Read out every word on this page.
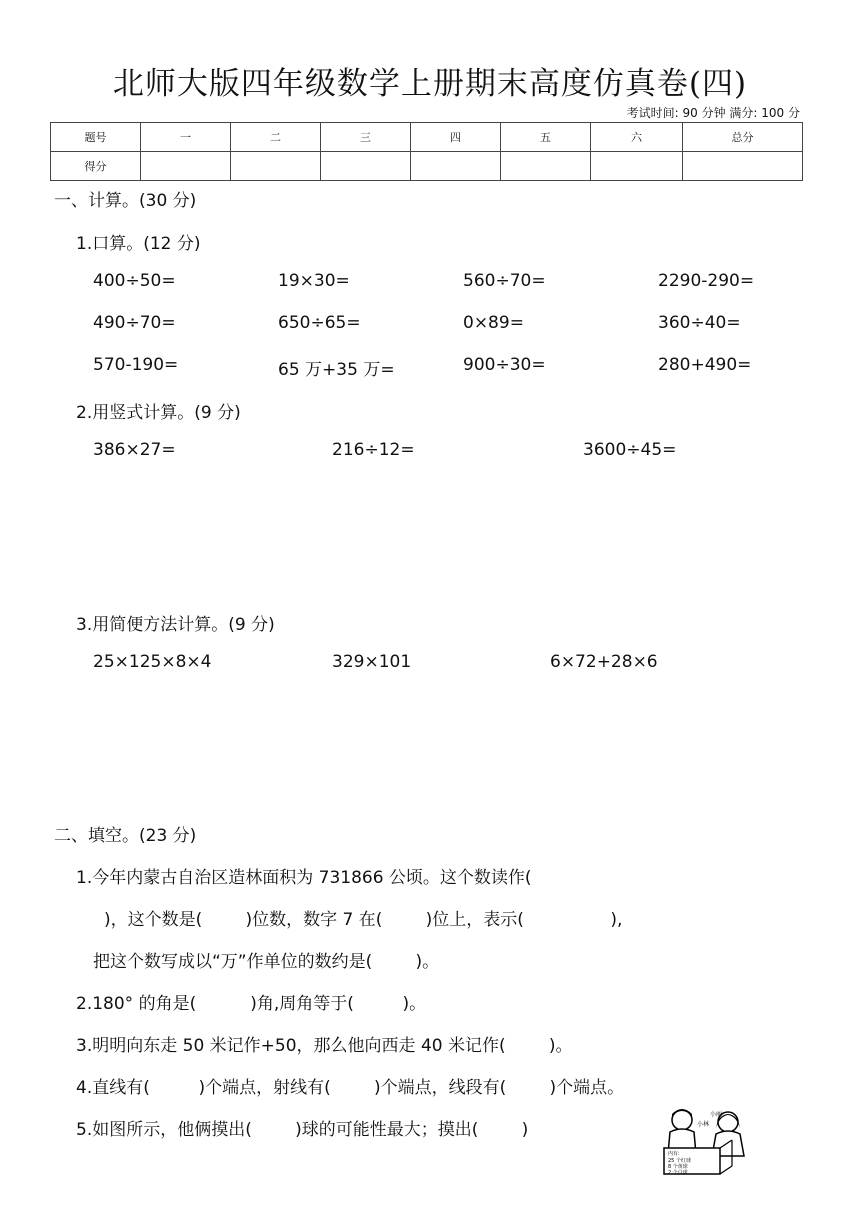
北师大版四年级数学上册期末高度仿真卷(四)
考试时间: 90 分钟 满分: 100 分
题号	一	二	三	四	五	六	总分
得分							
一、计算。(30 分)
1.口算。(12 分)
400÷50=	19×30=	560÷70=	2290-290=
490÷70=	650÷65=	0×89=	360÷40=
570-190=	65 万+35 万=	900÷30=	280+490=
2.用竖式计算。(9 分)
386×27=	216÷12=	3600÷45=
3.用简便方法计算。(9 分)
25×125×8×4	329×101	6×72+28×6
二、填空。(23 分)
1.今年内蒙古自治区造林面积为 731866 公顷。这个数读作(
)，这个数是(        )位数，数字 7 在(        )位上，表示(                ),
把这个数写成以“万”作单位的数约是(        )。
2.180° 的角是(          )角,周角等于(         )。
3.明明向东走 50 米记作+50，那么他向西走 40 米记作(        )。
4.直线有(         )个端点，射线有(        )个端点，线段有(        )个端点。
5.如图所示，他俩摸出(        )球的可能性最大；摸出(        )	小林
小丽
内有:
25 个红球
8 个黄球
2 个白球
